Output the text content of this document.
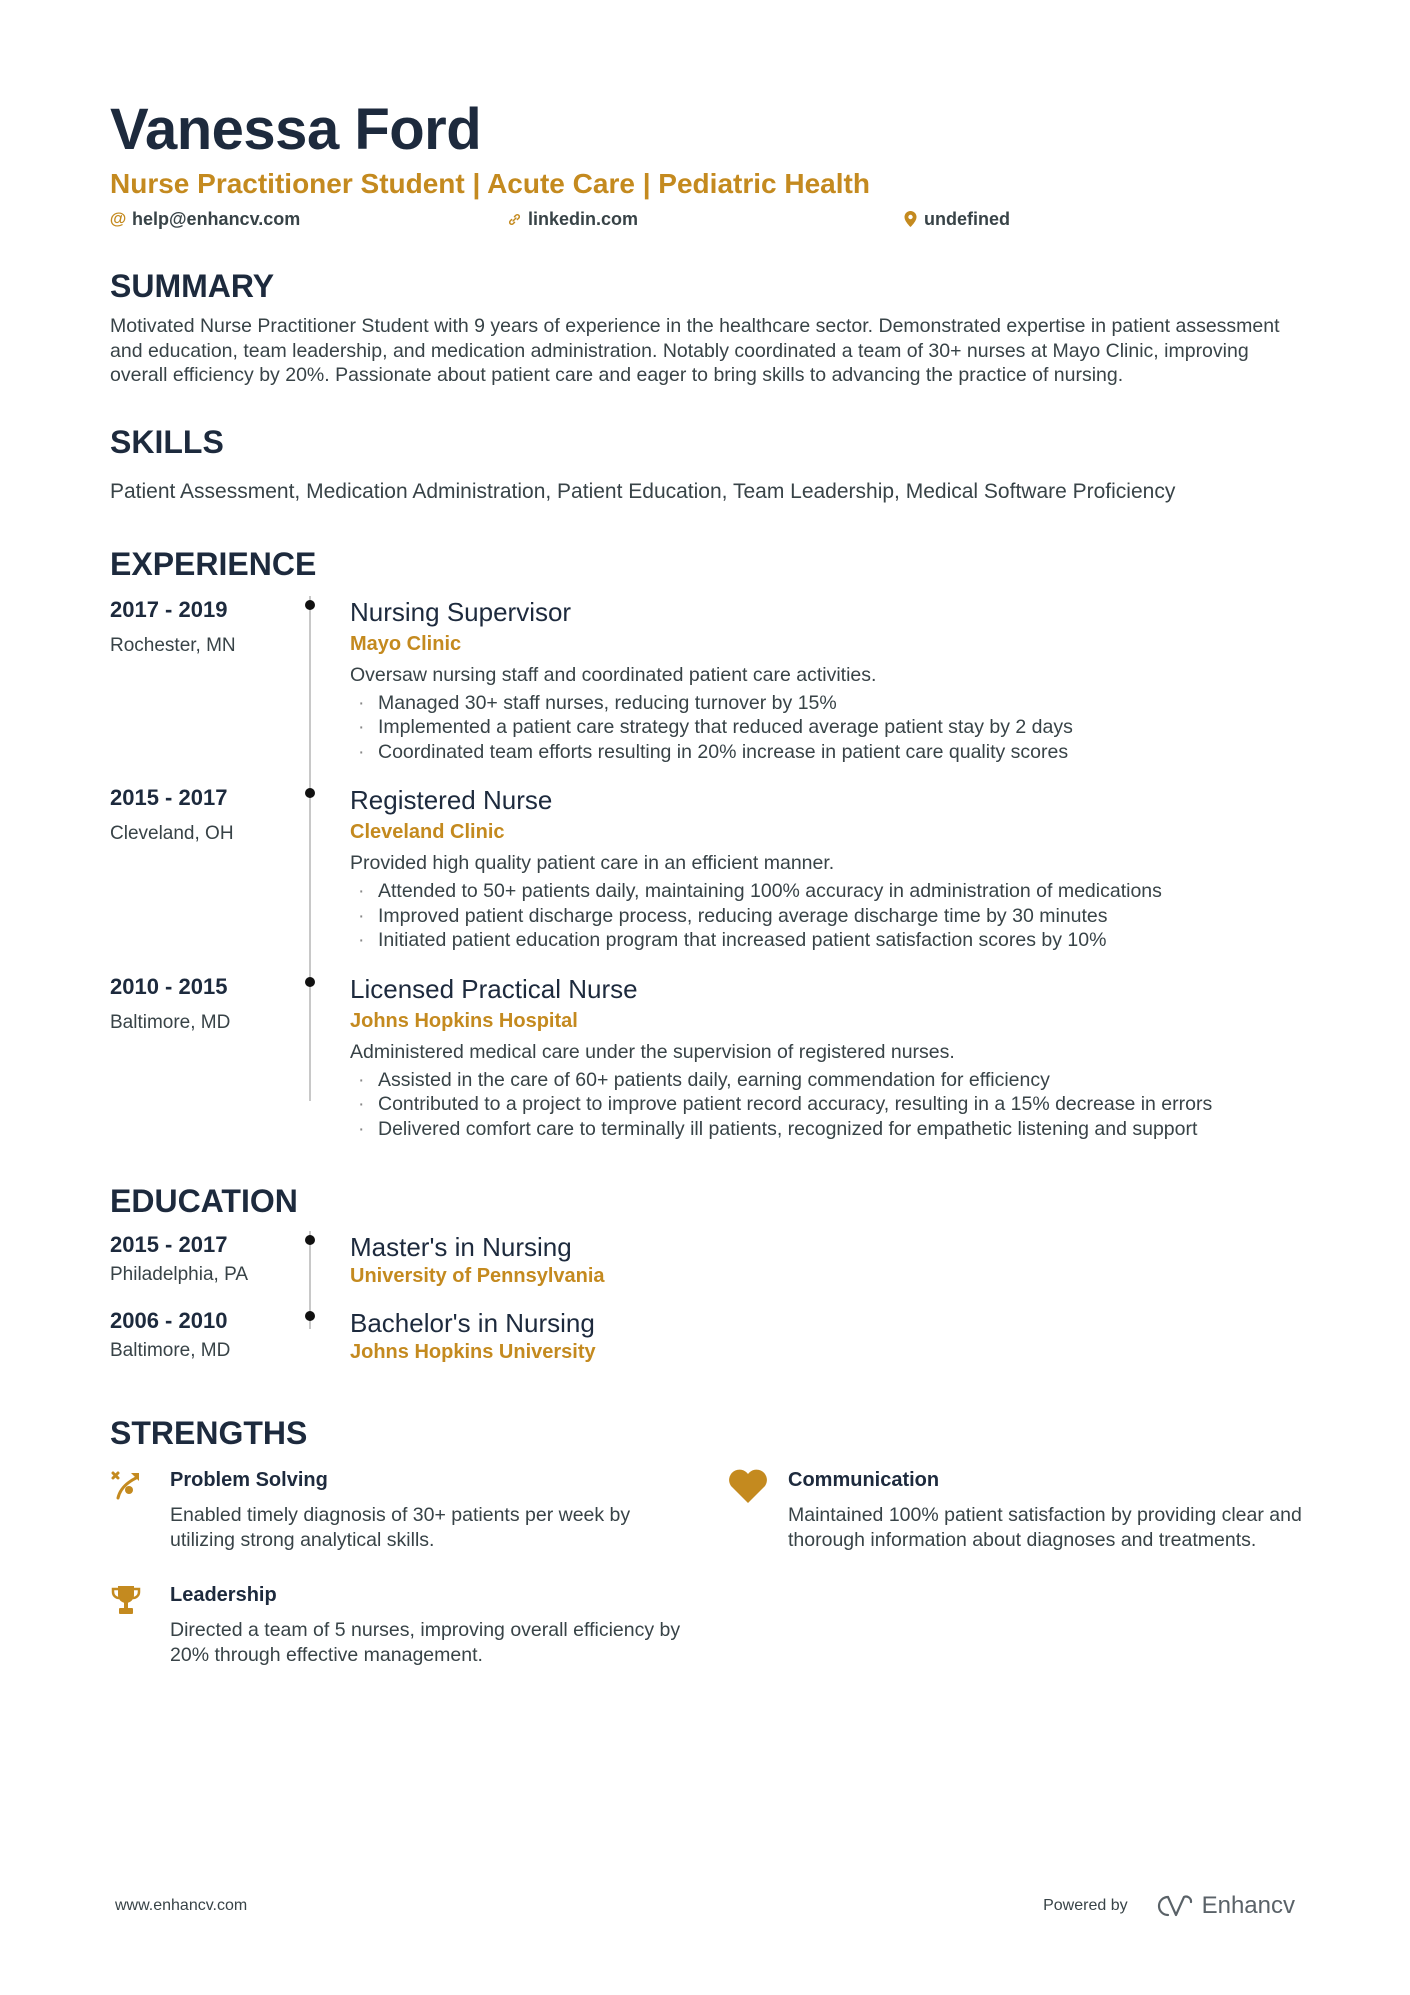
Vanessa Ford
Nurse Practitioner Student | Acute Care | Pediatric Health
@ help@enhancv.com	linkedin.com	undefined
SUMMARY

Motivated Nurse Practitioner Student with 9 years of experience in the healthcare sector. Demonstrated expertise in patient assessment and education, team leadership, and medication administration. Notably coordinated a team of 30+ nurses at Mayo Clinic, improving overall efficiency by 20%. Passionate about patient care and eager to bring skills to advancing the practice of nursing.

SKILLS

Patient Assessment, Medication Administration, Patient Education, Team Leadership, Medical Software Proficiency

EXPERIENCE
2017 - 2019
Rochester, MN
Nursing Supervisor
Mayo Clinic
Oversaw nursing staff and coordinated patient care activities.
· Managed 30+ staff nurses, reducing turnover by 15%
· Implemented a patient care strategy that reduced average patient stay by 2 days
· Coordinated team efforts resulting in 20% increase in patient care quality scores
2015 - 2017
Cleveland, OH
Registered Nurse
Cleveland Clinic
Provided high quality patient care in an efficient manner.
· Attended to 50+ patients daily, maintaining 100% accuracy in administration of medications
· Improved patient discharge process, reducing average discharge time by 30 minutes
· Initiated patient education program that increased patient satisfaction scores by 10%
2010 - 2015
Baltimore, MD
Licensed Practical Nurse
Johns Hopkins Hospital
Administered medical care under the supervision of registered nurses.
· Assisted in the care of 60+ patients daily, earning commendation for efficiency
· Contributed to a project to improve patient record accuracy, resulting in a 15% decrease in errors
· Delivered comfort care to terminally ill patients, recognized for empathetic listening and support
EDUCATION
2015 - 2017
Philadelphia, PA
Master's in Nursing
University of Pennsylvania
2006 - 2010
Baltimore, MD
Bachelor's in Nursing
Johns Hopkins University
STRENGTHS
Problem Solving
Enabled timely diagnosis of 30+ patients per week by utilizing strong analytical skills.
Communication
Maintained 100% patient satisfaction by providing clear and thorough information about diagnoses and treatments.
Leadership
Directed a team of 5 nurses, improving overall efficiency by 20% through effective management.
www.enhancv.com	Powered by	Enhancv
